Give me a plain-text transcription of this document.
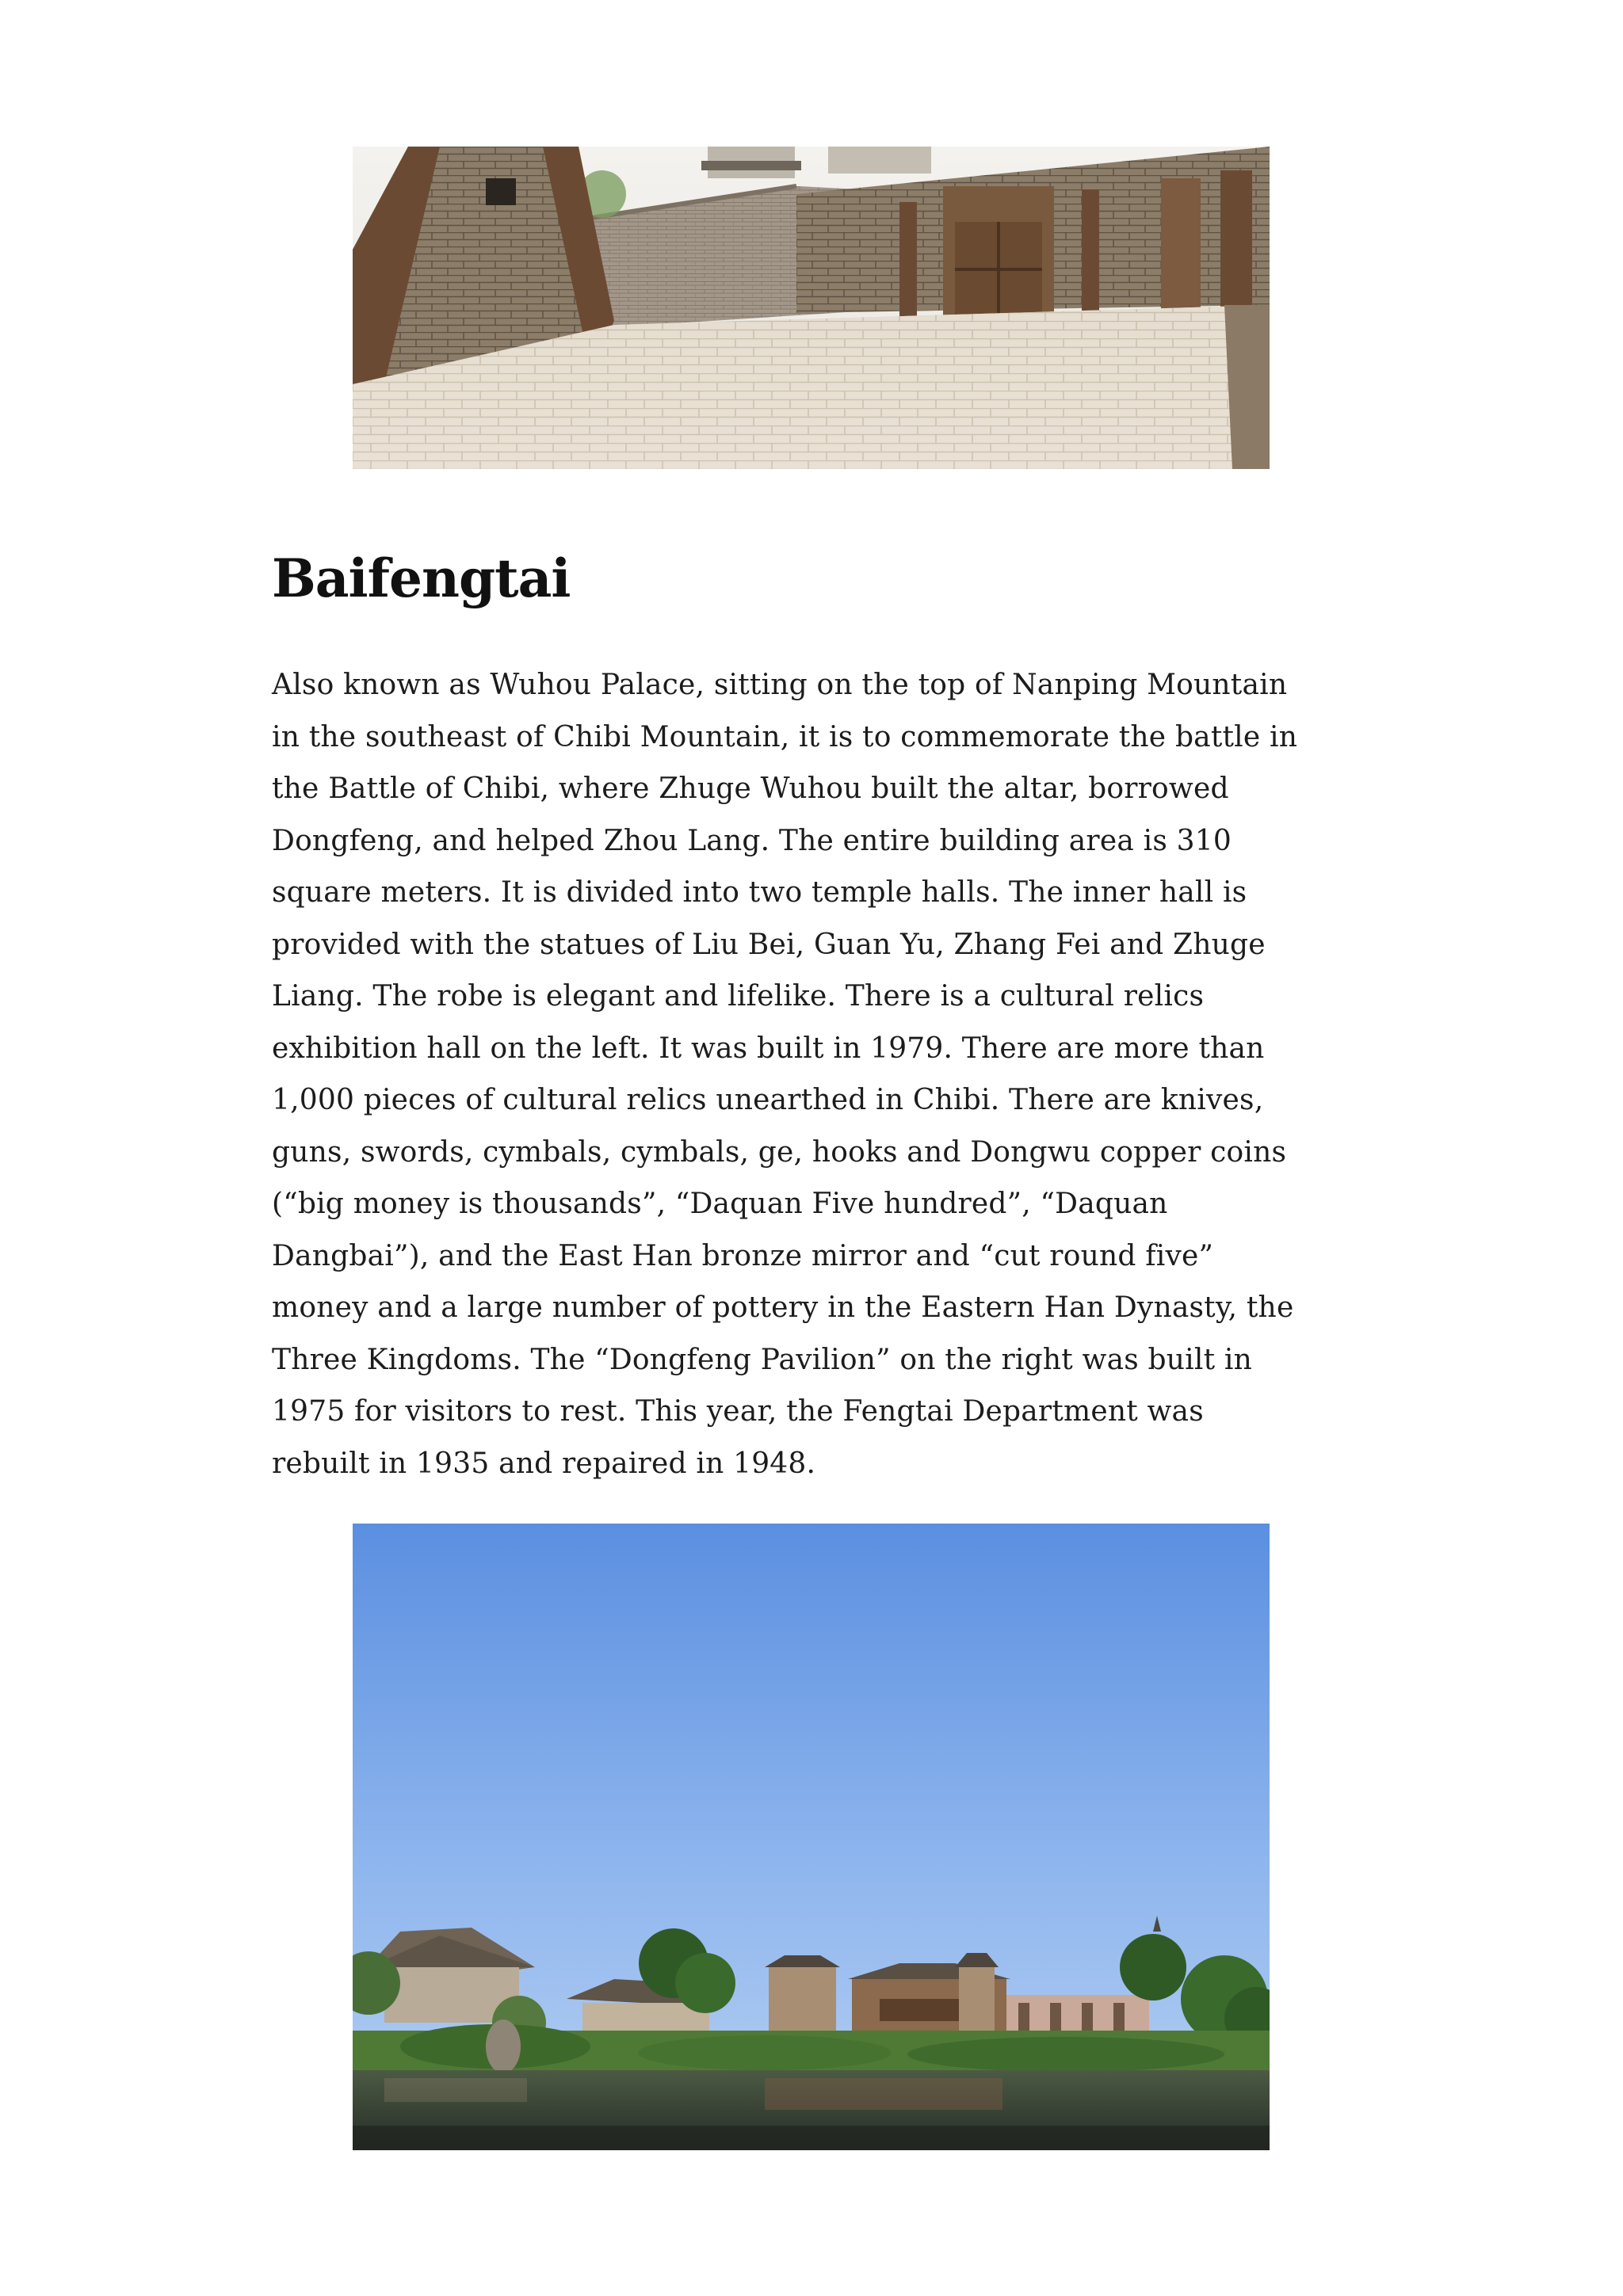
Baifengtai

Also known as Wuhou Palace, sitting on the top of Nanping Mountain
in the southeast of Chibi Mountain, it is to commemorate the battle in
the Battle of Chibi, where Zhuge Wuhou built the altar, borrowed
Dongfeng, and helped Zhou Lang. The entire building area is 310
square meters. It is divided into two temple halls. The inner hall is
provided with the statues of Liu Bei, Guan Yu, Zhang Fei and Zhuge
Liang. The robe is elegant and lifelike. There is a cultural relics
exhibition hall on the left. It was built in 1979. There are more than
1,000 pieces of cultural relics unearthed in Chibi. There are knives,
guns, swords, cymbals, cymbals, ge, hooks and Dongwu copper coins
(“big money is thousands”, “Daquan Five hundred”, “Daquan
Dangbai”), and the East Han bronze mirror and “cut round five”
money and a large number of pottery in the Eastern Han Dynasty, the
Three Kingdoms. The “Dongfeng Pavilion” on the right was built in
1975 for visitors to rest. This year, the Fengtai Department was
rebuilt in 1935 and repaired in 1948.
